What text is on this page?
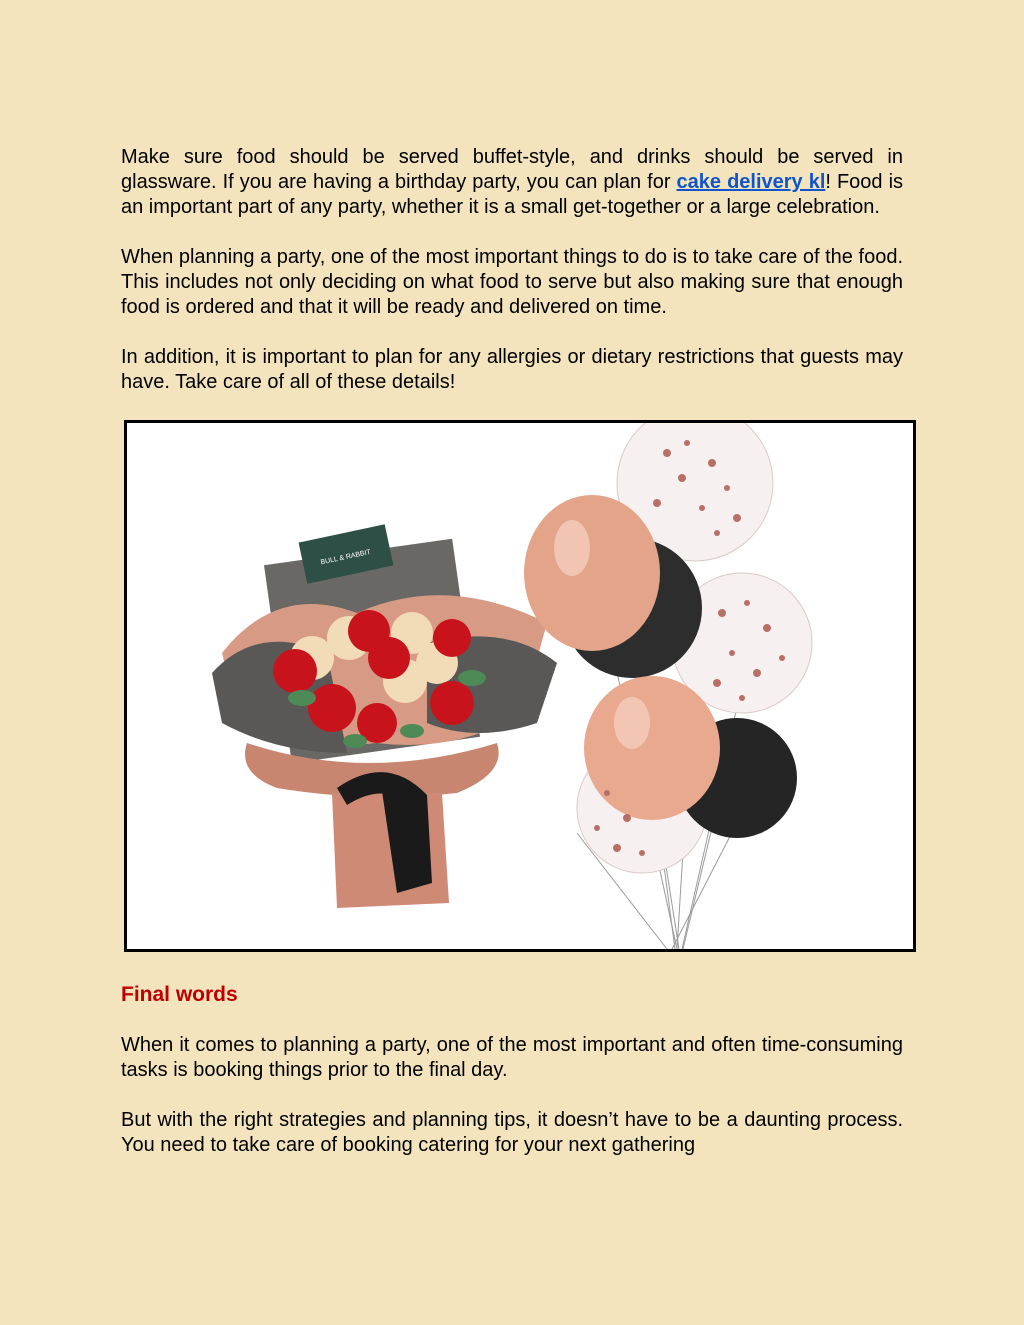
Make sure food should be served buffet-style, and drinks should be served in glassware. If you are having a birthday party, you can plan for cake delivery kl! Food is an important part of any party, whether it is a small get-together or a large celebration.

When planning a party, one of the most important things to do is to take care of the food. This includes not only deciding on what food to serve but also making sure that enough food is ordered and that it will be ready and delivered on time.

In addition, it is important to plan for any allergies or dietary restrictions that guests may have. Take care of all of these details!

BULL & RABBIT
Final words

When it comes to planning a party, one of the most important and often time-consuming tasks is booking things prior to the final day.

But with the right strategies and planning tips, it doesn’t have to be a daunting process. You need to take care of booking catering for your next gathering
